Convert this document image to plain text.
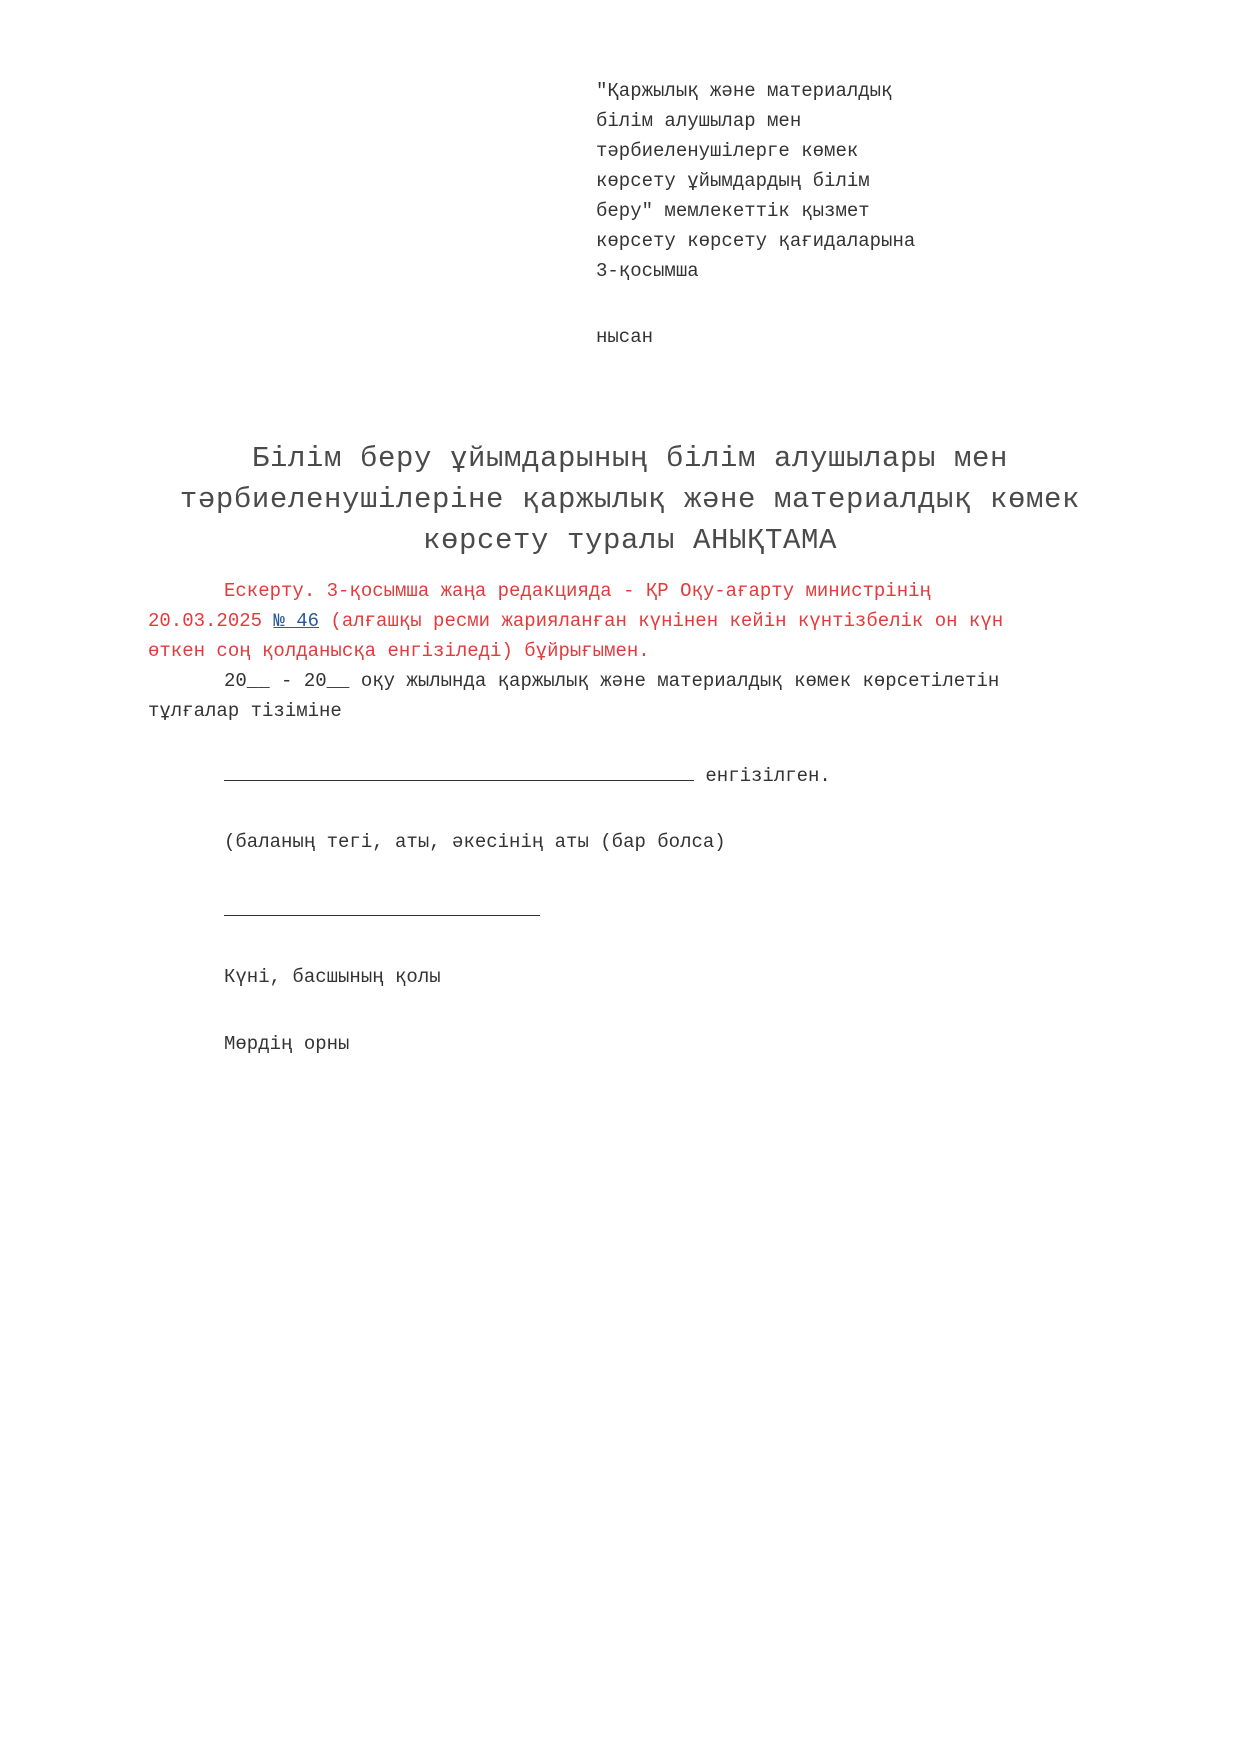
"Қаржылық және материалдық
білім алушылар мен
тәрбиеленушілерге көмек
көрсету ұйымдардың білім
беру" мемлекеттік қызмет
көрсету көрсету қағидаларына
3-қосымша
нысан
Білім беру ұйымдарының білім алушылары мен
тәрбиеленушілеріне қаржылық және материалдық көмек
көрсету туралы АНЫҚТАМА
Ескерту. 3-қосымша жаңа редакцияда - ҚР Оқу-ағарту министрінің
20.03.2025 № 46 (алғашқы ресми жарияланған күнінен кейін күнтізбелік он күн
өткен соң қолданысқа енгізіледі) бұйрығымен.
20__ - 20__ оқу жылында қаржылық және материалдық көмек көрсетілетін
тұлғалар тізіміне
енгізілген.
(баланың тегі, аты, әкесінің аты (бар болса)
Күні, басшының қолы
Мөрдің орны
